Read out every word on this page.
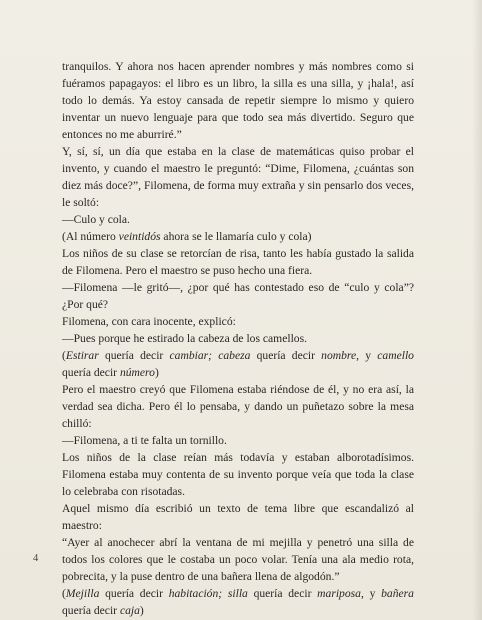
tranquilos. Y ahora nos hacen aprender nombres y más nombres como si fuéramos papagayos: el libro es un libro, la silla es una silla, y ¡hala!, así todo lo demás. Ya estoy cansada de repetir siempre lo mismo y quiero inventar un nuevo lenguaje para que todo sea más divertido. Seguro que entonces no me aburriré.”

Y, sí, sí, un día que estaba en la clase de matemáticas quiso probar el invento, y cuando el maestro le preguntó: “Dime, Filomena, ¿cuántas son diez más doce?”, Filomena, de forma muy extraña y sin pensarlo dos veces, le soltó:

—Culo y cola.

(Al número veintidós ahora se le llamaría culo y cola)

Los niños de su clase se retorcían de risa, tanto les había gustado la salida de Filomena. Pero el maestro se puso hecho una fiera.

—Filomena —le gritó—, ¿por qué has contestado eso de “culo y cola”? ¿Por qué?

Filomena, con cara inocente, explicó:

—Pues porque he estirado la cabeza de los camellos.

(Estirar quería decir cambiar; cabeza quería decir nombre, y camello quería decir número)

Pero el maestro creyó que Filomena estaba riéndose de él, y no era así, la verdad sea dicha. Pero él lo pensaba, y dando un puñetazo sobre la mesa chilló:

—Filomena, a ti te falta un tornillo.

Los niños de la clase reían más todavía y estaban alborotadísimos. Filomena estaba muy contenta de su invento porque veía que toda la clase lo celebraba con risotadas.

Aquel mismo día escribió un texto de tema libre que escandalizó al maestro:

“Ayer al anochecer abrí la ventana de mi mejilla y penetró una silla de todos los colores que le costaba un poco volar. Tenía una ala medio rota, pobrecita, y la puse dentro de una bañera llena de algodón.”

(Mejilla quería decir habitación; silla quería decir mariposa, y bañera quería decir caja)

4
